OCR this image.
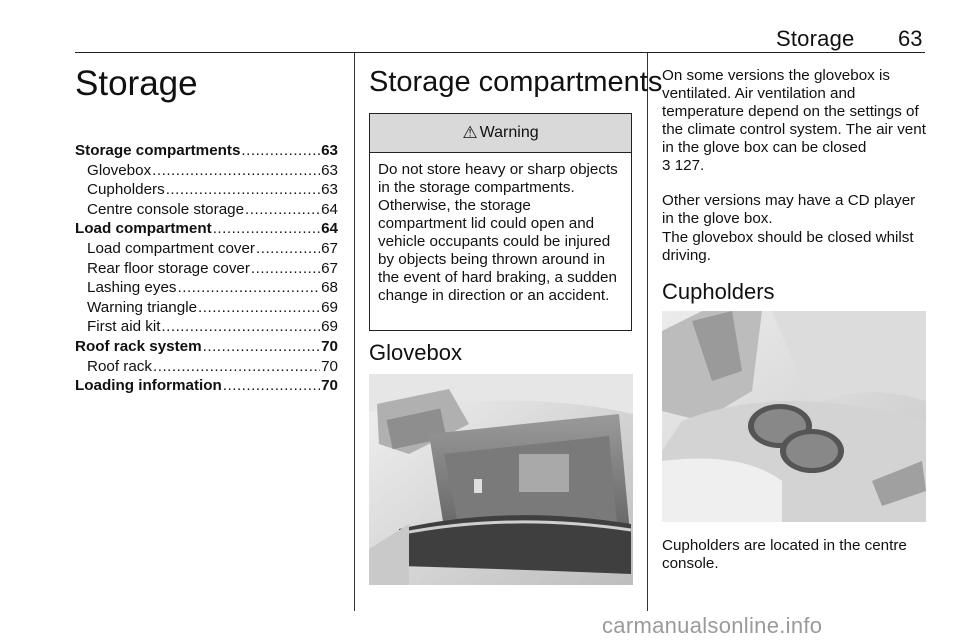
Storage 63
Storage
Storage compartments .....	63
Glovebox .....	63
Cupholders .....	63
Centre console storage .....	64
Load compartment .....	64
Load compartment cover .....	67
Rear floor storage cover .....	67
Lashing eyes .....	68
Warning triangle .....	69
First aid kit .....	69
Roof rack system .....	70
Roof rack .....	70
Loading information .....	70
Storage compartments
⚠ Warning
Do not store heavy or sharp objects in the storage compartments. Otherwise, the storage compartment lid could open and vehicle occupants could be injured by objects being thrown around in the event of hard braking, a sudden change in direction or an accident.
Glovebox
On some versions the glovebox is ventilated. Air ventilation and temperature depend on the settings of the climate control system. The air vent in the glove box can be closed
3 127.
Other versions may have a CD player in the glove box.
The glovebox should be closed whilst driving.
Cupholders
Cupholders are located in the centre console.
carmanualsonline.info
